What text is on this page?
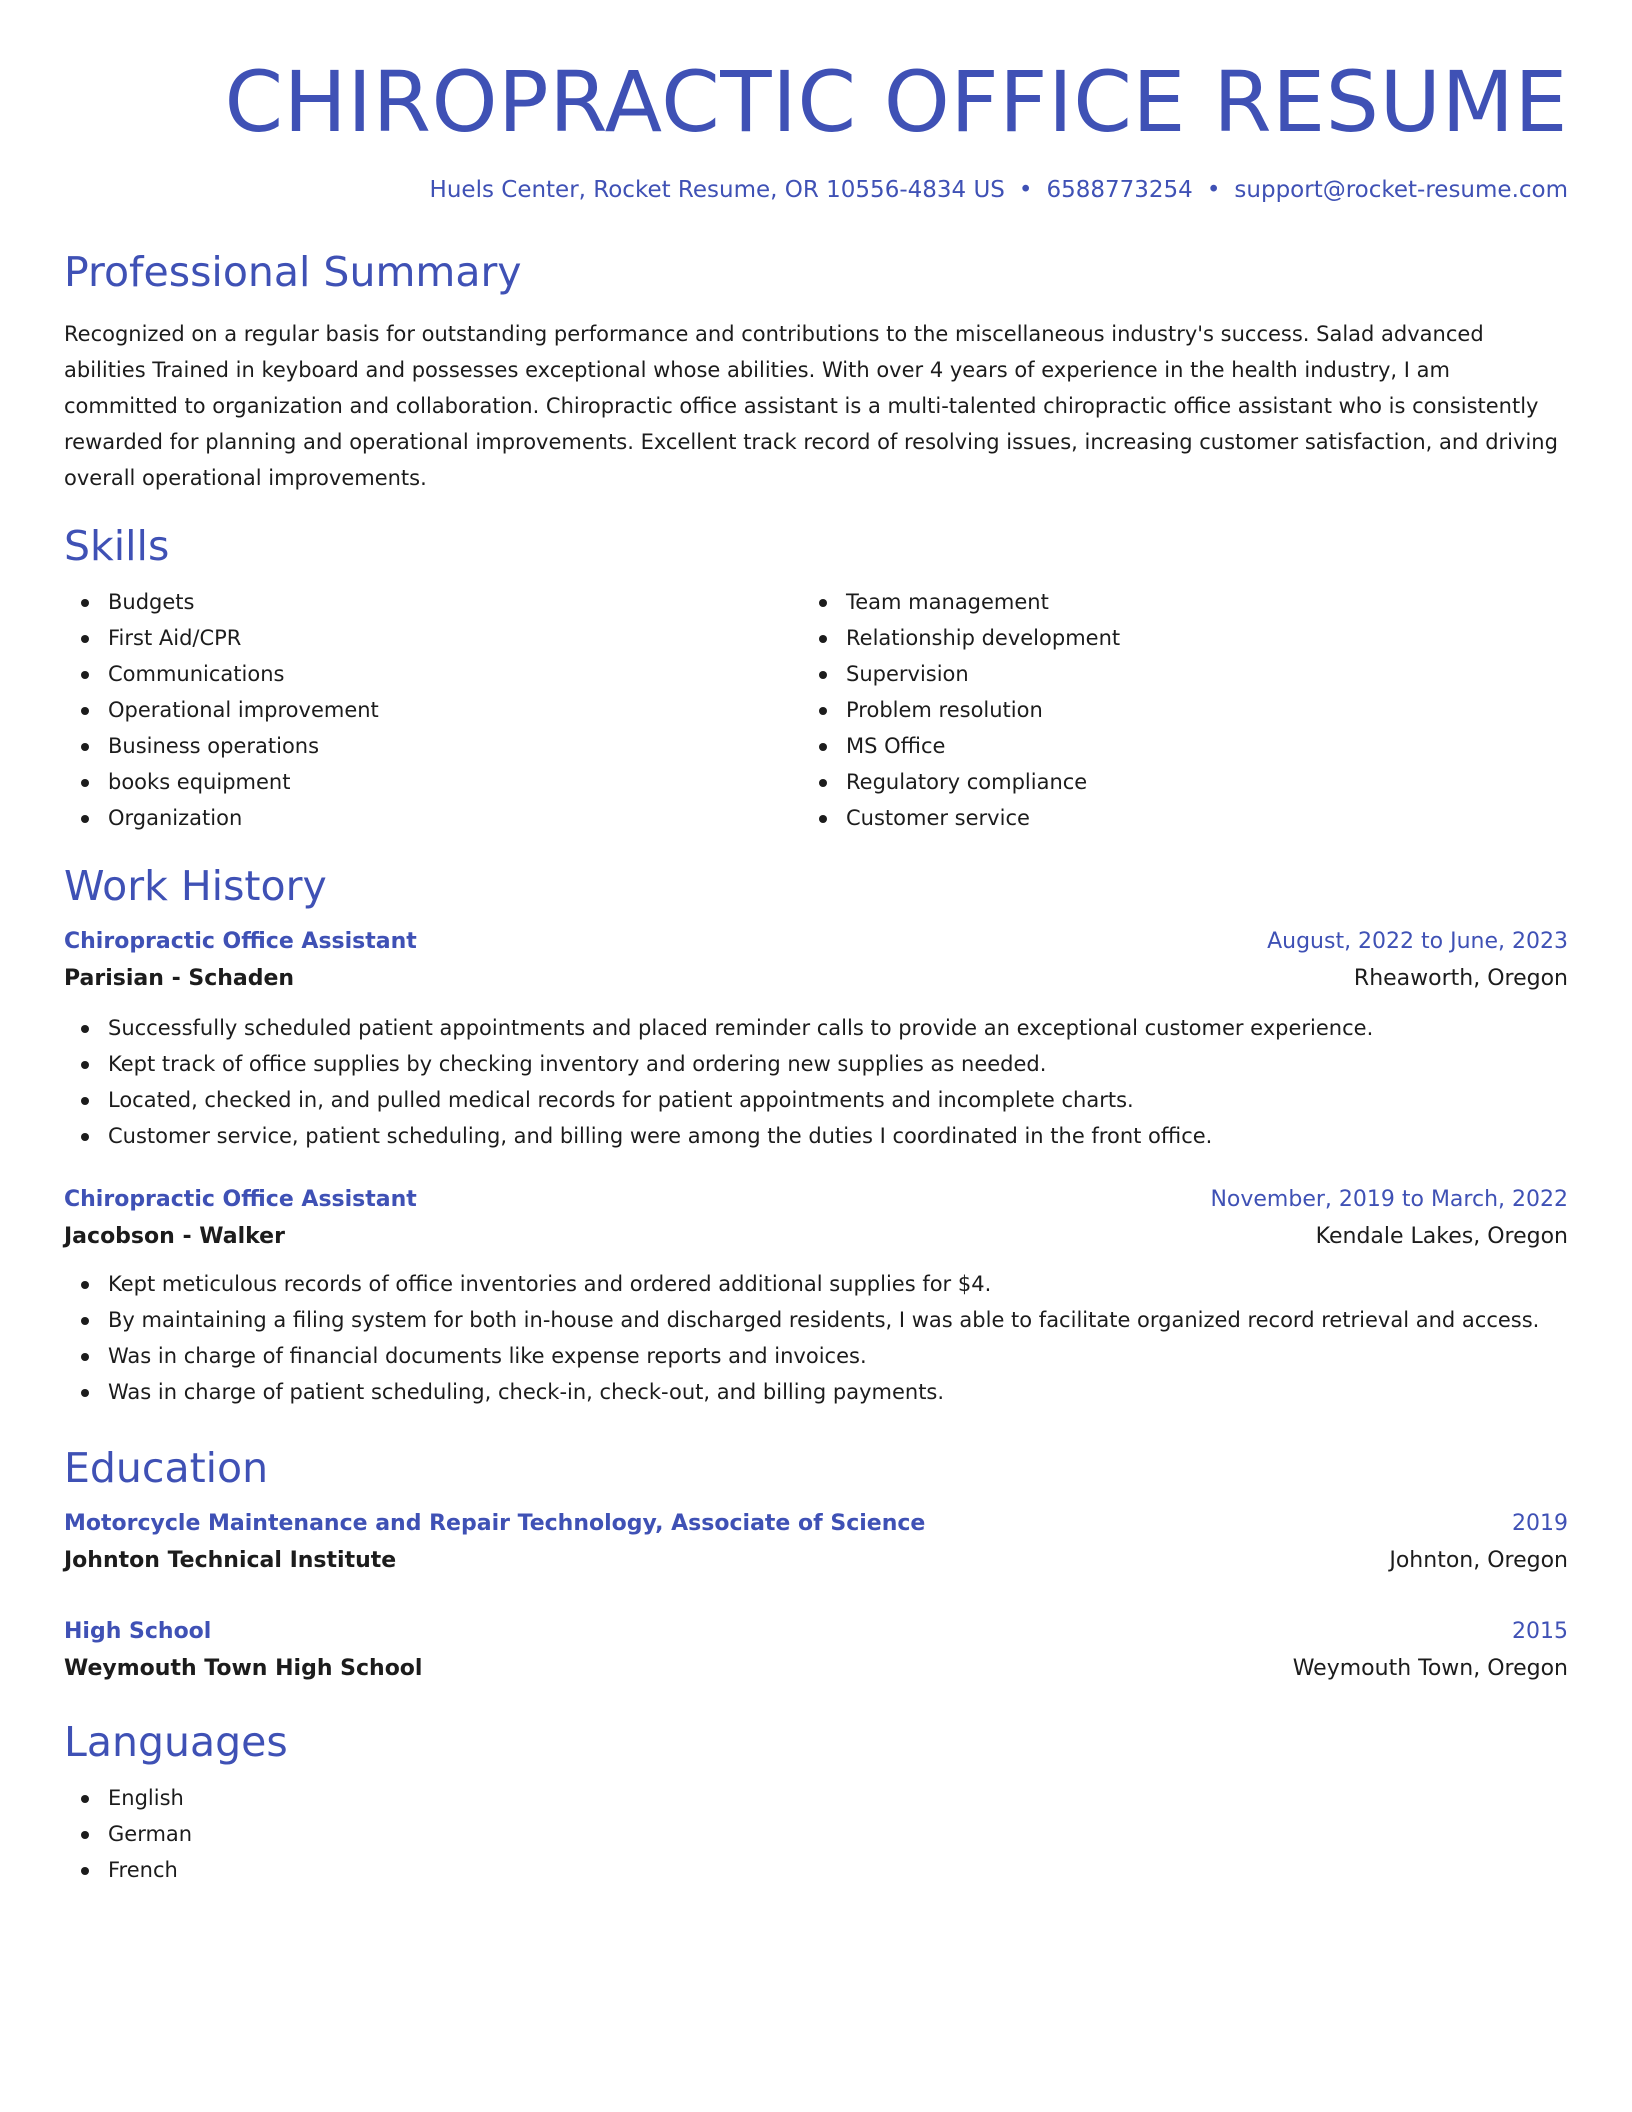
CHIROPRACTIC OFFICE RESUME
Huels Center, Rocket Resume, OR 10556-4834 US • 6588773254 • support@rocket-resume.com
Professional Summary

Recognized on a regular basis for outstanding performance and contributions to the miscellaneous industry's success. Salad advanced abilities Trained in keyboard and possesses exceptional whose abilities. With over 4 years of experience in the health industry, I am committed to organization and collaboration. Chiropractic office assistant is a multi-talented chiropractic office assistant who is consistently rewarded for planning and operational improvements. Excellent track record of resolving issues, increasing customer satisfaction, and driving overall operational improvements.

Skills
Budgets
First Aid/CPR
Communications
Operational improvement
Business operations
books equipment
Organization
Team management
Relationship development
Supervision
Problem resolution
MS Office
Regulatory compliance
Customer service
Work History
Chiropractic Office Assistant	August, 2022 to June, 2023
Parisian - Schaden	Rheaworth, Oregon
Successfully scheduled patient appointments and placed reminder calls to provide an exceptional customer experience.
Kept track of office supplies by checking inventory and ordering new supplies as needed.
Located, checked in, and pulled medical records for patient appointments and incomplete charts.
Customer service, patient scheduling, and billing were among the duties I coordinated in the front office.
Chiropractic Office Assistant	November, 2019 to March, 2022
Jacobson - Walker	Kendale Lakes, Oregon
Kept meticulous records of office inventories and ordered additional supplies for $4.
By maintaining a filing system for both in-house and discharged residents, I was able to facilitate organized record retrieval and access.
Was in charge of financial documents like expense reports and invoices.
Was in charge of patient scheduling, check-in, check-out, and billing payments.
Education
Motorcycle Maintenance and Repair Technology, Associate of Science	2019
Johnton Technical Institute	Johnton, Oregon
High School	2015
Weymouth Town High School	Weymouth Town, Oregon
Languages
English
German
French
